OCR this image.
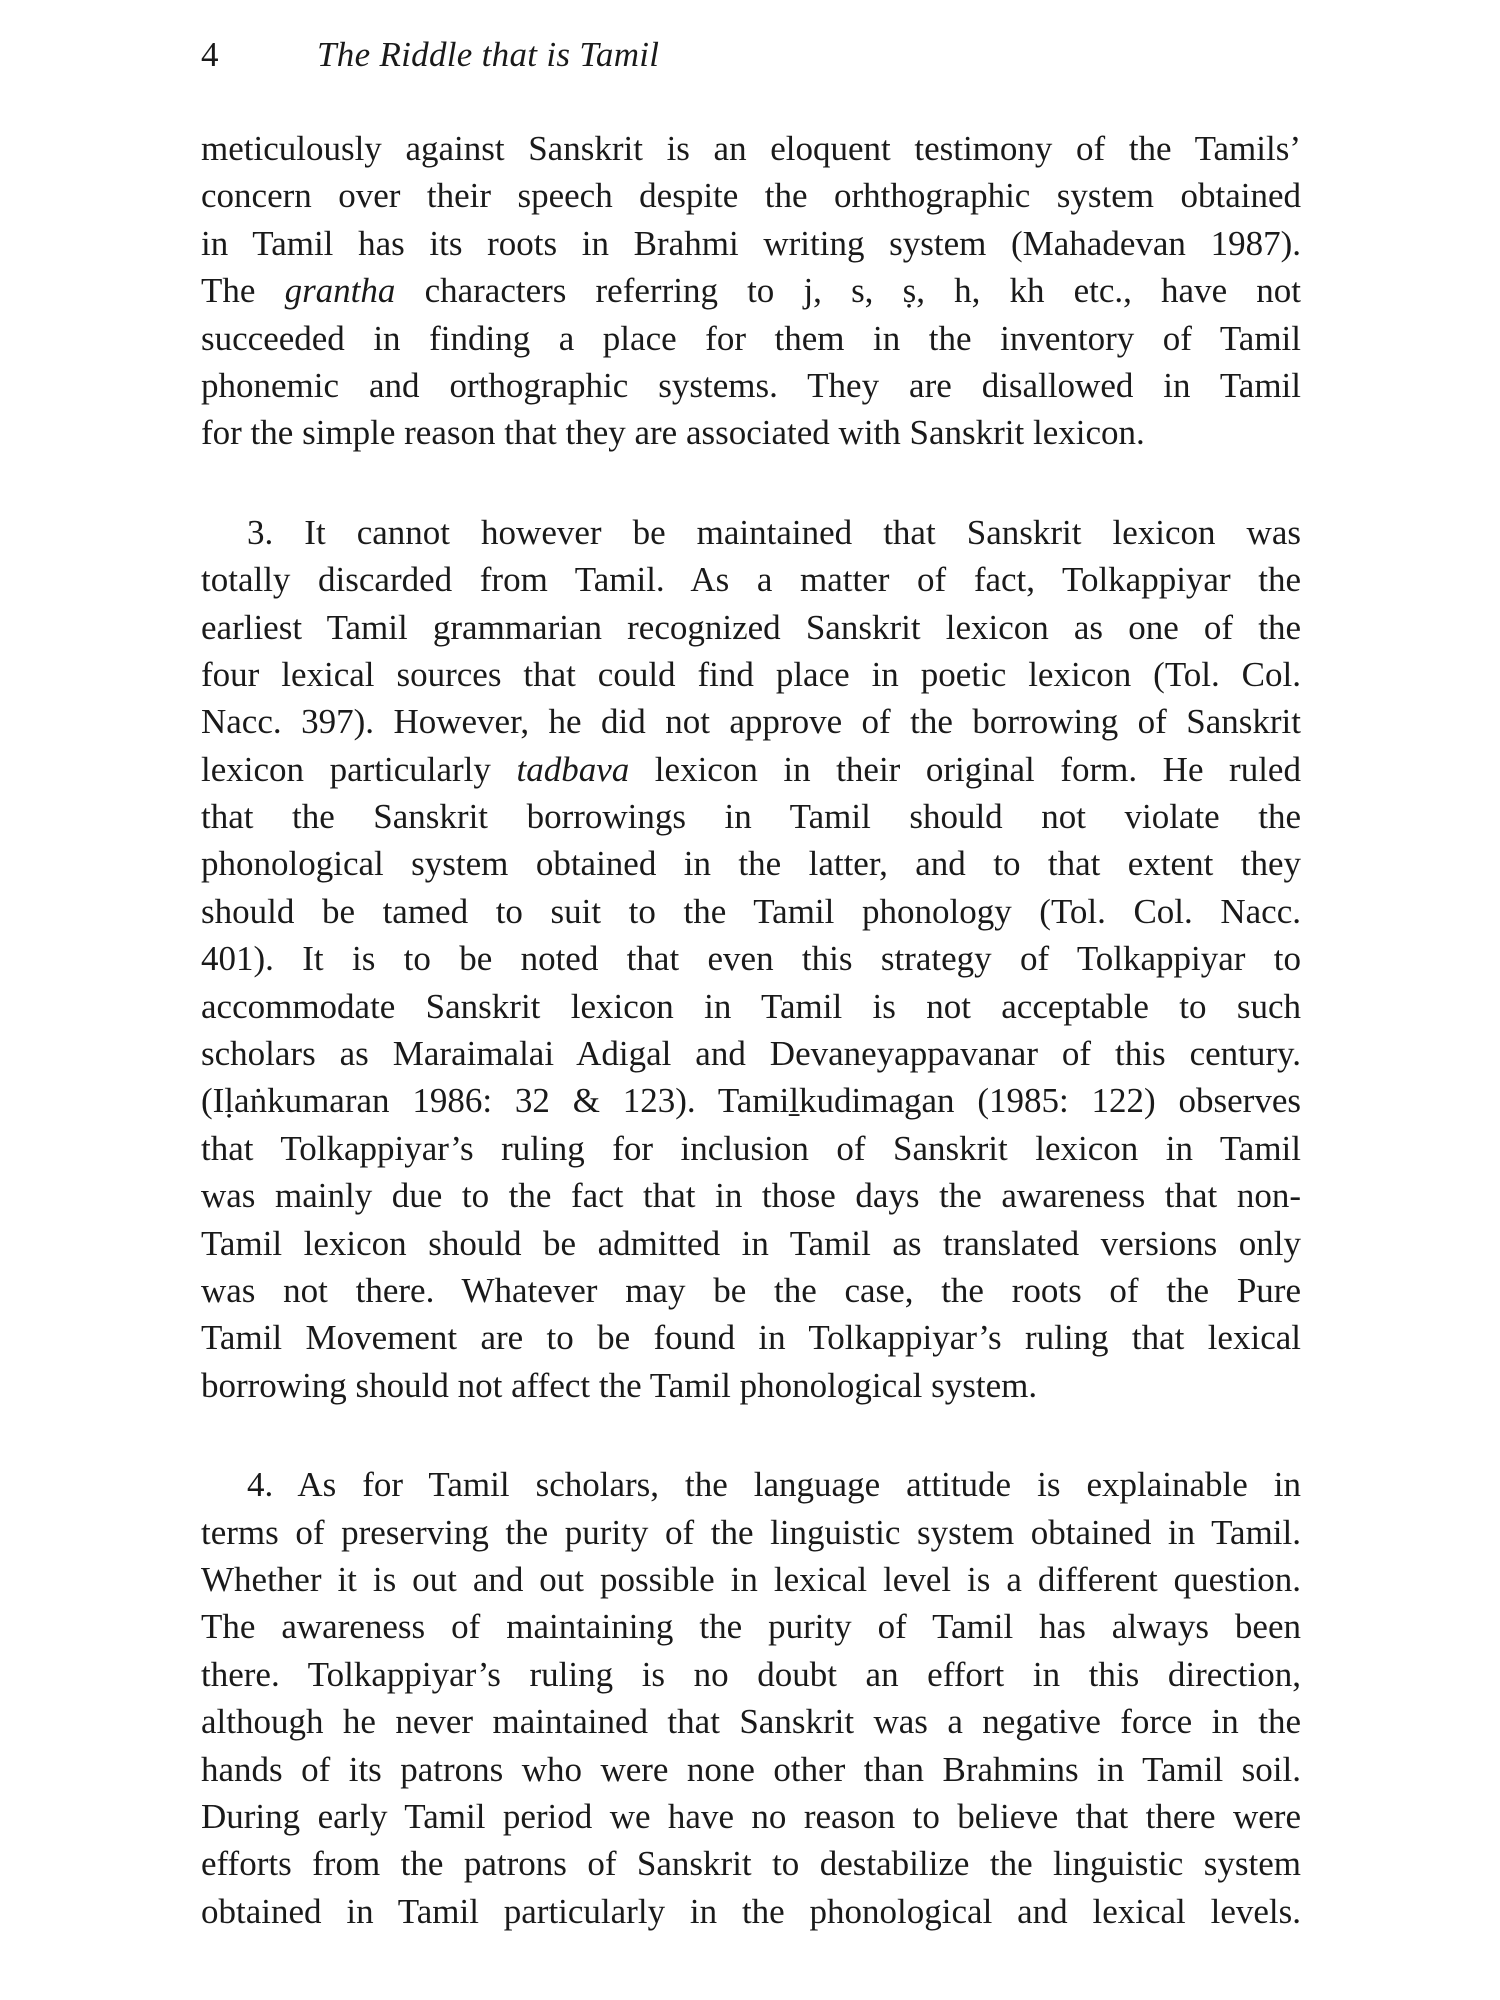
4	The Riddle that is Tamil
meticulously against Sanskrit is an eloquent testimony of the Tamils’
concern over their speech despite the orhthographic system obtained
in Tamil has its roots in Brahmi writing system (Mahadevan 1987).
The grantha characters referring to j, s, ṣ, h, kh etc., have not
succeeded in finding a place for them in the inventory of Tamil
phonemic and orthographic systems. They are disallowed in Tamil
for the simple reason that they are associated with Sanskrit lexicon.
3. It cannot however be maintained that Sanskrit lexicon was
totally discarded from Tamil. As a matter of fact, Tolkappiyar the
earliest Tamil grammarian recognized Sanskrit lexicon as one of the
four lexical sources that could find place in poetic lexicon (Tol. Col.
Nacc. 397). However, he did not approve of the borrowing of Sanskrit
lexicon particularly tadbava lexicon in their original form. He ruled
that the Sanskrit borrowings in Tamil should not violate the
phonological system obtained in the latter, and to that extent they
should be tamed to suit to the Tamil phonology (Tol. Col. Nacc.
401). It is to be noted that even this strategy of Tolkappiyar to
accommodate Sanskrit lexicon in Tamil is not acceptable to such
scholars as Maraimalai Adigal and Devaneyappavanar of this century.
(Iḷaṅkumaran 1986: 32 & 123). Tamiḻkudimagan (1985: 122) observes
that Tolkappiyar’s ruling for inclusion of Sanskrit lexicon in Tamil
was mainly due to the fact that in those days the awareness that non-
Tamil lexicon should be admitted in Tamil as translated versions only
was not there. Whatever may be the case, the roots of the Pure
Tamil Movement are to be found in Tolkappiyar’s ruling that lexical
borrowing should not affect the Tamil phonological system.
4. As for Tamil scholars, the language attitude is explainable in
terms of preserving the purity of the linguistic system obtained in Tamil.
Whether it is out and out possible in lexical level is a different question.
The awareness of maintaining the purity of Tamil has always been
there. Tolkappiyar’s ruling is no doubt an effort in this direction,
although he never maintained that Sanskrit was a negative force in the
hands of its patrons who were none other than Brahmins in Tamil soil.
During early Tamil period we have no reason to believe that there were
efforts from the patrons of Sanskrit to destabilize the linguistic system
obtained in Tamil particularly in the phonological and lexical levels.
